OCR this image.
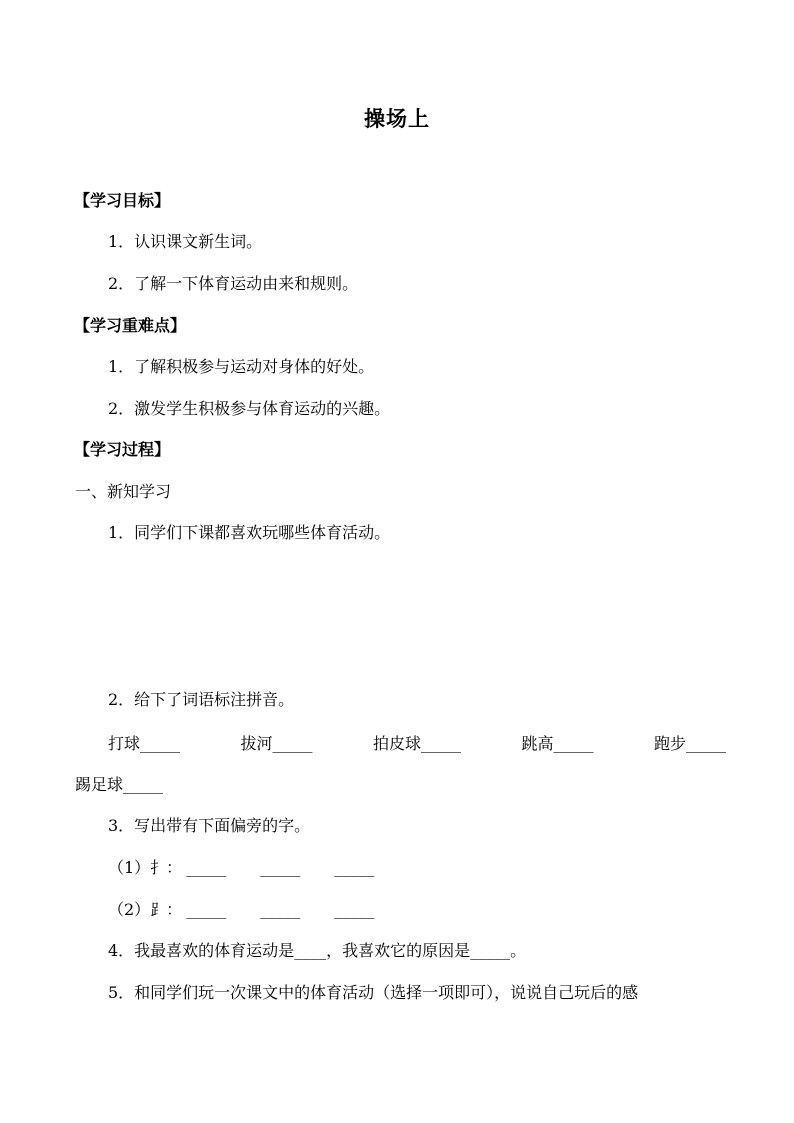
操场上
【学习目标】
1．认识课文新生词。
2．了解一下体育运动由来和规则。
【学习重难点】
1．了解积极参与运动对身体的好处。
2．激发学生积极参与体育运动的兴趣。
【学习过程】
一、新知学习
1．同学们下课都喜欢玩哪些体育活动。
2．给下了词语标注拼音。
打球_____	拔河_____	拍皮球_____	跳高_____	跑步_____
踢足球_____
3．写出带有下面偏旁的字。
（1）扌： _____ _____ _____
（2）⻊： _____ _____ _____
4．我最喜欢的体育运动是____，我喜欢它的原因是_____。
5．和同学们玩一次课文中的体育活动（选择一项即可），说说自己玩后的感
